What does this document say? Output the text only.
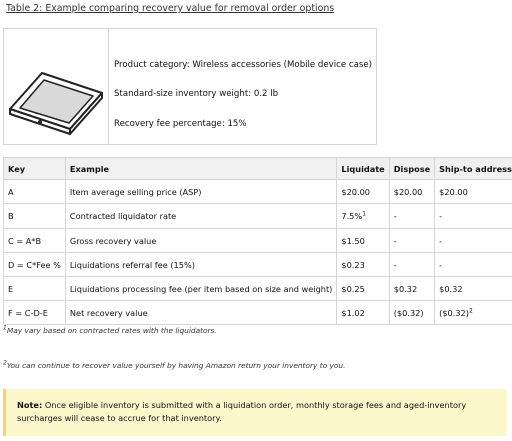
Table 2: Example comparing recovery value for removal order options
Product category: Wireless accessories (Mobile device case)
Standard-size inventory weight: 0.2 lb
Recovery fee percentage: 15%
Key	Example	Liquidate	Dispose	Ship-to address
A	Item average selling price (ASP)	$20.00	$20.00	$20.00
B	Contracted liquidator rate	7.5%$^1$	-	-
C = A*B	Gross recovery value	$1.50	-	-
D = C*Fee %	Liquidations referral fee (15%)	$0.23	-	-
E	Liquidations processing fee (per item based on size and weight)	$0.25	$0.32	$0.32
F = C-D-E	Net recovery value	$1.02	($0.32)	($0.32)$^2$
$^1$May vary based on contracted rates with the liquidators.
$^2$You can continue to recover value yourself by having Amazon return your inventory to you.
Note: Once eligible inventory is submitted with a liquidation order, monthly storage fees and aged-inventory surcharges will cease to accrue for that inventory.
